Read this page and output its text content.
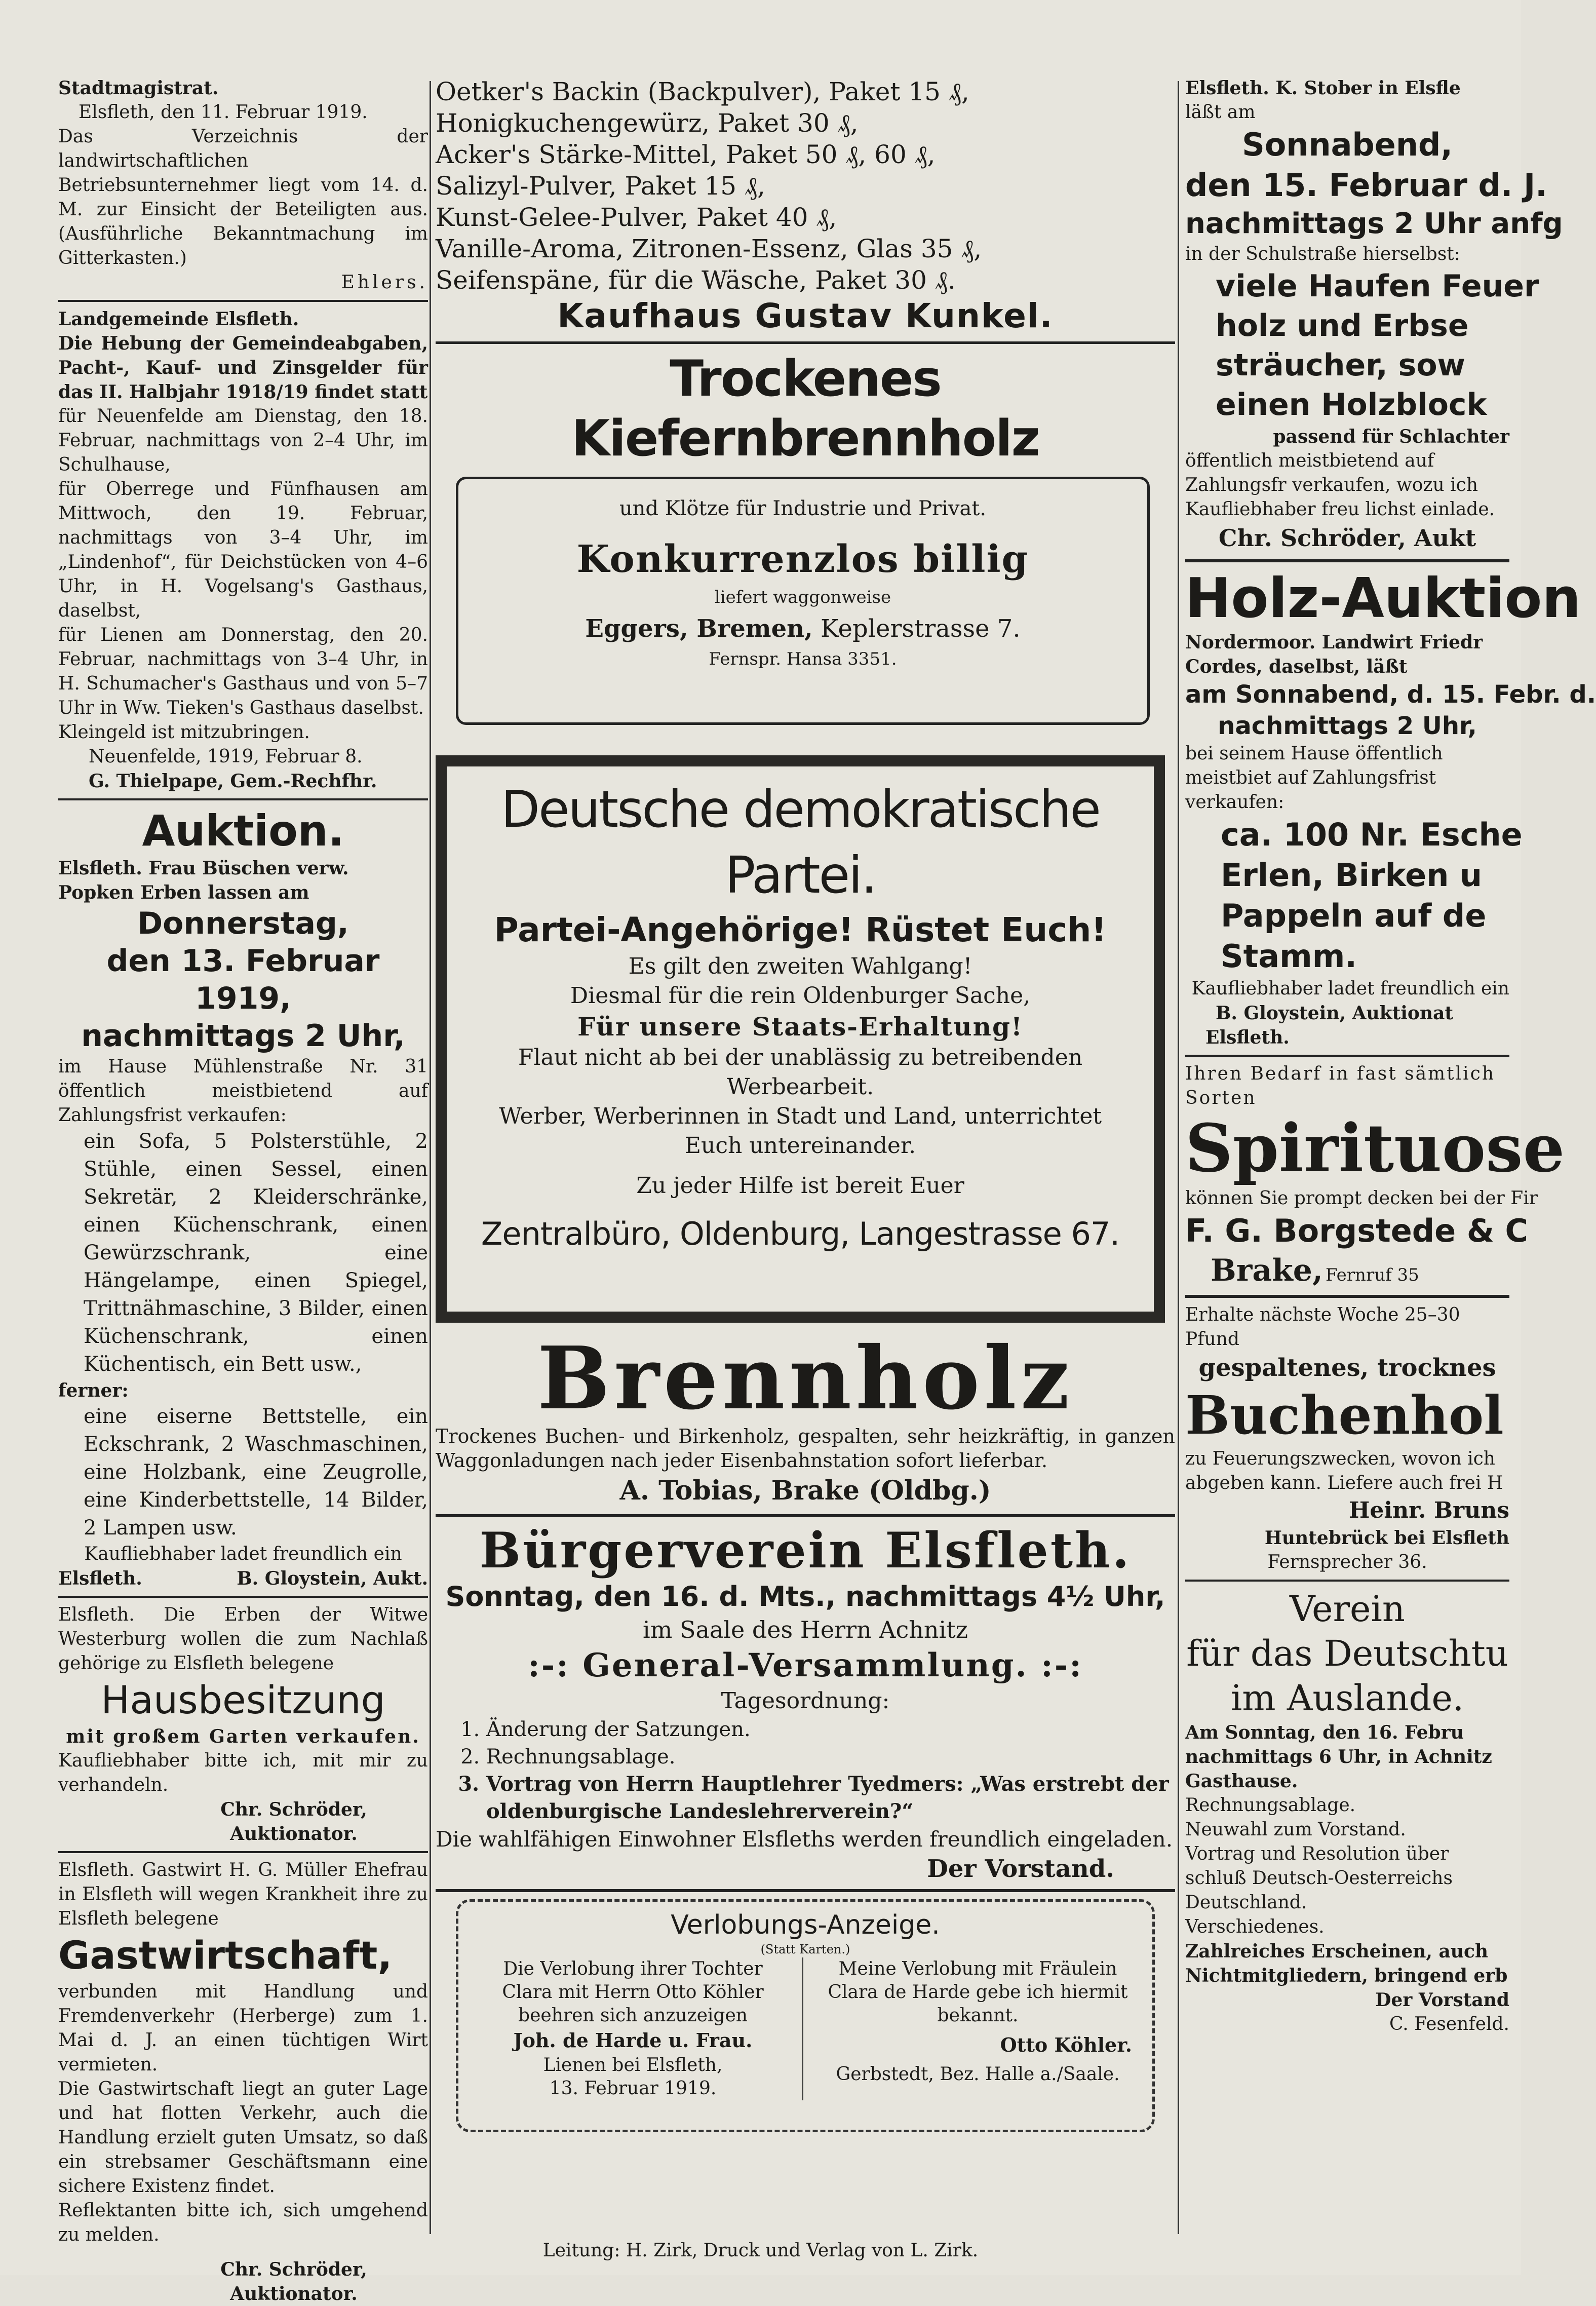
Stadtmagistrat.

Elsfleth, den 11. Februar 1919.

Das Verzeichnis der landwirtschaftlichen Betriebsunternehmer liegt vom 14. d. M. zur Einsicht der Beteiligten aus. (Ausführliche Bekanntmachung im Gitterkasten.)

Ehlers.

Landgemeinde Elsfleth.

Die Hebung der Gemeindeabgaben, Pacht-, Kauf- und Zinsgelder für das II. Halbjahr 1918/19 findet statt

für Neuenfelde am Dienstag, den 18. Februar, nachmittags von 2–4 Uhr, im Schulhause,

für Oberrege und Fünfhausen am Mittwoch, den 19. Februar, nachmittags von 3–4 Uhr, im „Lindenhof“, für Deichstücken von 4–6 Uhr, in H. Vogelsang's Gasthaus, daselbst,

für Lienen am Donnerstag, den 20. Februar, nachmittags von 3–4 Uhr, in H. Schumacher's Gasthaus und von 5–7 Uhr in Ww. Tieken's Gasthaus daselbst.

Kleingeld ist mitzubringen.

Neuenfelde, 1919, Februar 8.

G. Thielpape, Gem.-Rechfhr.

Auktion.

Elsfleth. Frau Büschen verw. Popken Erben lassen am

Donnerstag,

den 13. Februar 1919,

nachmittags 2 Uhr,

im Hause Mühlenstraße Nr. 31 öffentlich meistbietend auf Zahlungsfrist verkaufen:

ein Sofa, 5 Polsterstühle, 2 Stühle, einen Sessel, einen Sekretär, 2 Kleiderschränke, einen Küchenschrank, einen Gewürzschrank, eine Hängelampe, einen Spiegel, Trittnähmaschine, 3 Bilder, einen Küchenschrank, einen Küchentisch, ein Bett usw.,

ferner:

eine eiserne Bettstelle, ein Eckschrank, 2 Waschmaschinen, eine Holzbank, eine Zeugrolle, eine Kinderbettstelle, 14 Bilder, 2 Lampen usw.

Kaufliebhaber ladet freundlich ein

Elsfleth.	B. Gloystein, Aukt.

Elsfleth. Die Erben der Witwe Westerburg wollen die zum Nachlaß gehörige zu Elsfleth belegene

Hausbesitzung

mit großem Garten verkaufen.

Kaufliebhaber bitte ich, mit mir zu verhandeln.

Chr. Schröder,

Auktionator.

Elsfleth. Gastwirt H. G. Müller Ehefrau in Elsfleth will wegen Krankheit ihre zu Elsfleth belegene

Gastwirtschaft,

verbunden mit Handlung und Fremdenverkehr (Herberge) zum 1. Mai d. J. an einen tüchtigen Wirt vermieten.

Die Gastwirtschaft liegt an guter Lage und hat flotten Verkehr, auch die Handlung erzielt guten Umsatz, so daß ein strebsamer Geschäftsmann eine sichere Existenz findet.

Reflektanten bitte ich, sich umgehend zu melden.

Chr. Schröder,

Auktionator.

Oetker's Backin (Backpulver), Paket 15 ₰,

Honigkuchengewürz, Paket 30 ₰,

Acker's Stärke-Mittel, Paket 50 ₰, 60 ₰,

Salizyl-Pulver, Paket 15 ₰,

Kunst-Gelee-Pulver, Paket 40 ₰,

Vanille-Aroma, Zitronen-Essenz, Glas 35 ₰,

Seifenspäne, für die Wäsche, Paket 30 ₰.

Kaufhaus Gustav Kunkel.

Trockenes Kiefernbrennholz

und Klötze für Industrie und Privat.

Konkurrenzlos billig

liefert waggonweise

Eggers, Bremen, Keplerstrasse 7.

Fernspr. Hansa 3351.

Deutsche demokratische Partei.

Partei-Angehörige! Rüstet Euch!

Es gilt den zweiten Wahlgang!

Diesmal für die rein Oldenburger Sache,

Für unsere Staats-Erhaltung!

Flaut nicht ab bei der unablässig zu betreibenden Werbearbeit.

Werber, Werberinnen in Stadt und Land, unterrichtet Euch untereinander.

Zu jeder Hilfe ist bereit Euer

Zentralbüro, Oldenburg, Langestrasse 67.

Brennholz

Trockenes Buchen- und Birkenholz, gespalten, sehr heizkräftig, in ganzen Waggonladungen nach jeder Eisenbahnstation sofort lieferbar.

A. Tobias, Brake (Oldbg.)

Bürgerverein Elsfleth.

Sonntag, den 16. d. Mts., nachmittags 4½ Uhr,

im Saale des Herrn Achnitz

:-: General-Versammlung. :-:

Tagesordnung:

1. Änderung der Satzungen.
2. Rechnungsablage.
3. Vortrag von Herrn Hauptlehrer Tyedmers: „Was erstrebt der oldenburgische Landeslehrerverein?“

Die wahlfähigen Einwohner Elsfleths werden freundlich eingeladen.

Der Vorstand.

Verlobungs-Anzeige.

(Statt Karten.)

Die Verlobung ihrer Tochter Clara mit Herrn Otto Köhler beehren sich anzuzeigen

Joh. de Harde u. Frau.

Lienen bei Elsfleth,

13. Februar 1919.

Meine Verlobung mit Fräulein Clara de Harde gebe ich hiermit bekannt.

Otto Köhler.

Gerbstedt, Bez. Halle a./Saale.

Elsfleth. K. Stober in Elsfle

läßt am

Sonnabend,

den 15. Februar d. J.

nachmittags 2 Uhr anfg

in der Schulstraße hierselbst:

viele Haufen Feuer

holz und Erbse

sträucher, sow

einen Holzblock

passend für Schlachter

öffentlich meistbietend auf Zahlungsfr verkaufen, wozu ich Kaufliebhaber freu lichst einlade.

Chr. Schröder, Aukt

Holz-Auktion

Nordermoor. Landwirt Friedr Cordes, daselbst, läßt

am Sonnabend, d. 15. Febr. d.

nachmittags 2 Uhr,

bei seinem Hause öffentlich meistbiet auf Zahlungsfrist verkaufen:

ca. 100 Nr. Esche

Erlen, Birken u

Pappeln auf de

Stamm.

Kaufliebhaber ladet freundlich ein

B. Gloystein, Auktionat

Elsfleth.

Ihren Bedarf in fast sämtlich Sorten

Spirituose

können Sie prompt decken bei der Fir

F. G. Borgstede & C

Brake, Fernruf 35

Erhalte nächste Woche 25–30 Pfund

gespaltenes, trocknes

Buchenhol

zu Feuerungszwecken, wovon ich abgeben kann. Liefere auch frei H

Heinr. Bruns

Huntebrück bei Elsfleth

Fernsprecher 36.

Verein

für das Deutschtu

im Auslande.

Am Sonntag, den 16. Febru nachmittags 6 Uhr, in Achnitz Gasthause.

Rechnungsablage.

Neuwahl zum Vorstand.

Vortrag und Resolution über schluß Deutsch-Oesterreichs Deutschland.

Verschiedenes.

Zahlreiches Erscheinen, auch Nichtmitgliedern, bringend erb

Der Vorstand

C. Fesenfeld.

Leitung: H. Zirk, Druck und Verlag von L. Zirk.
